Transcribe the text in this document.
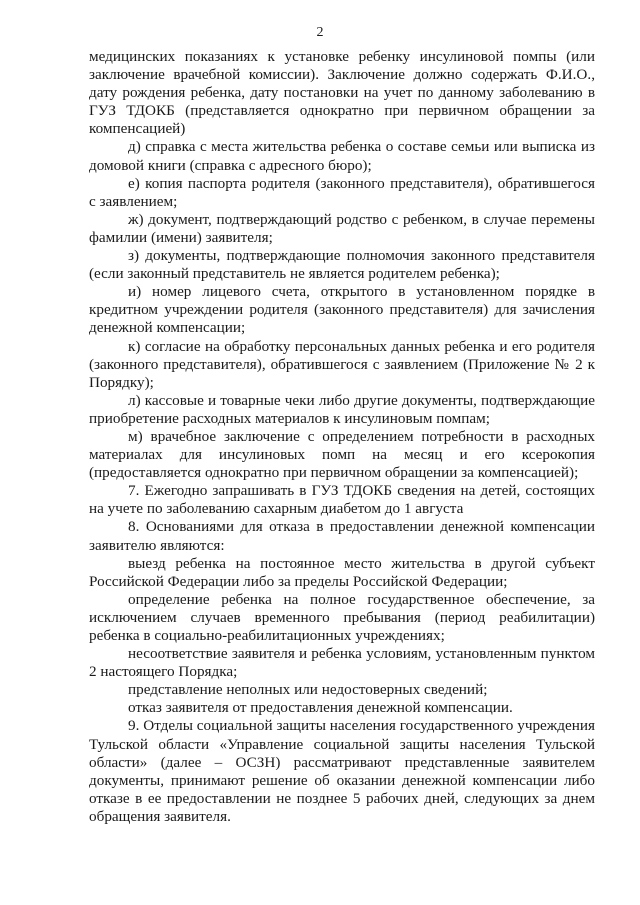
2

медицинских показаниях к установке ребенку инсулиновой помпы (или заключение врачебной комиссии). Заключение должно содержать Ф.И.О., дату рождения ребенка, дату постановки на учет по данному заболеванию в ГУЗ ТДОКБ (представляется однократно при первичном обращении за компенсацией)

д) справка с места жительства ребенка о составе семьи или выписка из домовой книги (справка с адресного бюро);

е) копия паспорта родителя (законного представителя), обратившегося с заявлением;

ж) документ, подтверждающий родство с ребенком, в случае перемены фамилии (имени) заявителя;

з) документы, подтверждающие полномочия законного представителя (если законный представитель не является родителем ребенка);

и) номер лицевого счета, открытого в установленном порядке в кредитном учреждении родителя (законного представителя) для зачисления денежной компенсации;

к) согласие на обработку персональных данных ребенка и его родителя (законного представителя), обратившегося с заявлением (Приложение № 2 к Порядку);

л) кассовые и товарные чеки либо другие документы, подтверждающие приобретение расходных материалов к инсулиновым помпам;

м) врачебное заключение с определением потребности в расходных материалах для инсулиновых помп на месяц и его ксерокопия (предоставляется однократно при первичном обращении за компенсацией);

7. Ежегодно запрашивать в ГУЗ ТДОКБ сведения на детей, состоящих на учете по заболеванию сахарным диабетом до 1 августа

8. Основаниями для отказа в предоставлении денежной компенсации заявителю являются:

выезд ребенка на постоянное место жительства в другой субъект Российской Федерации либо за пределы Российской Федерации;

определение ребенка на полное государственное обеспечение, за исключением случаев временного пребывания (период реабилитации) ребенка в социально-реабилитационных учреждениях;

несоответствие заявителя и ребенка условиям, установленным пунктом 2 настоящего Порядка;

представление неполных или недостоверных сведений;

отказ заявителя от предоставления денежной компенсации.

9. Отделы социальной защиты населения государственного учреждения Тульской области «Управление социальной защиты населения Тульской области» (далее – ОСЗН) рассматривают представленные заявителем документы, принимают решение об оказании денежной компенсации либо отказе в ее предоставлении не позднее 5 рабочих дней, следующих за днем обращения заявителя.
